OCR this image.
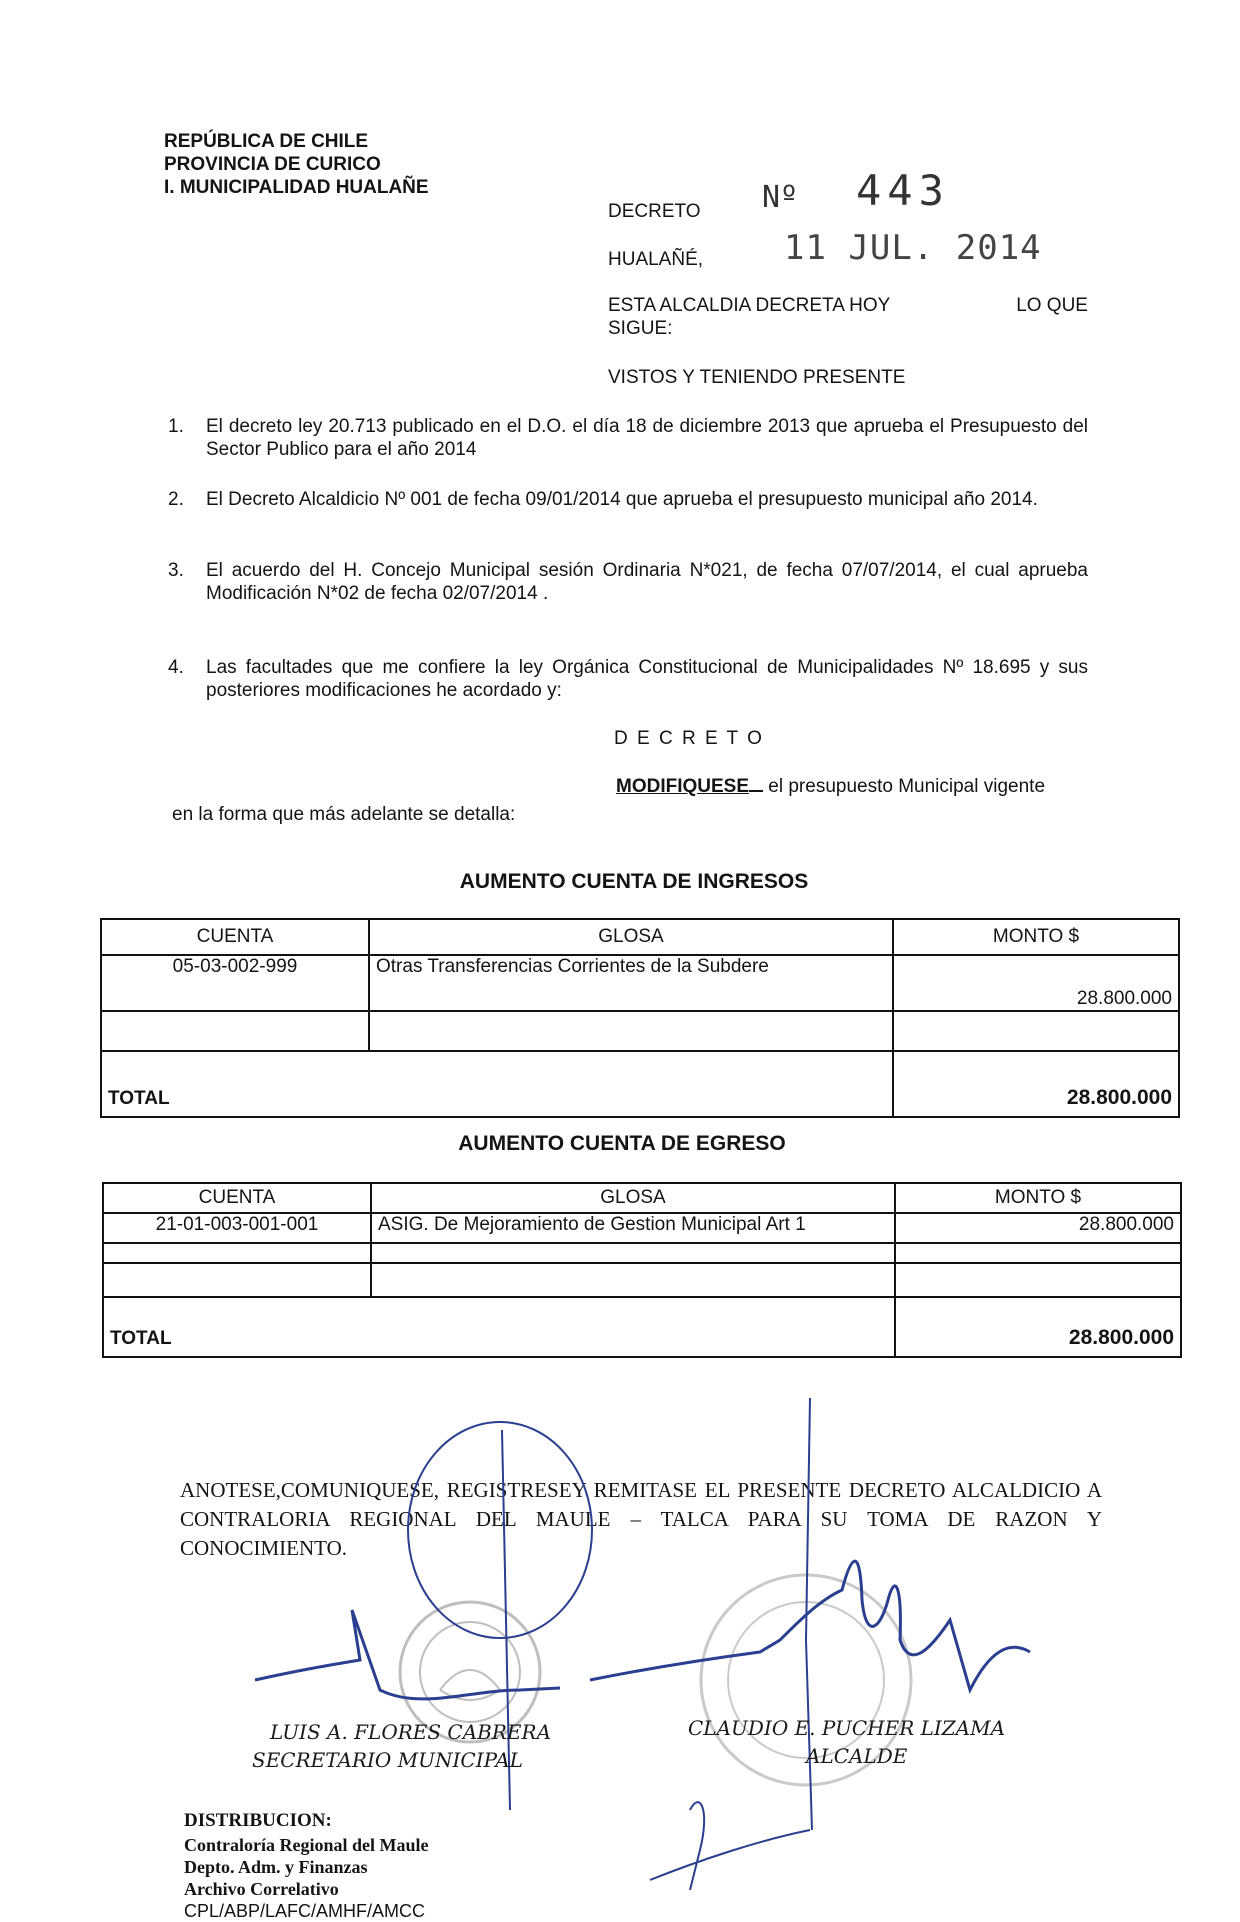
REPÚBLICA DE CHILE
PROVINCIA DE CURICO
I. MUNICIPALIDAD HUALAÑE
DECRETO Nº 443
HUALAÑÉ, 11 JUL. 2014
ESTA ALCALDIA DECRETA HOY	LO QUE
SIGUE:
VISTOS Y TENIENDO PRESENTE
1. El decreto ley 20.713 publicado en el D.O. el día 18 de diciembre 2013 que aprueba el Presupuesto del Sector Publico para el año 2014
2. El Decreto Alcaldicio Nº 001 de fecha 09/01/2014 que aprueba el presupuesto municipal año 2014.
3. El acuerdo del H. Concejo Municipal sesión Ordinaria N*021, de fecha 07/07/2014, el cual aprueba Modificación N*02 de fecha 02/07/2014 .
4. Las facultades que me confiere la ley Orgánica Constitucional de Municipalidades Nº 18.695 y sus posteriores modificaciones he acordado y:
D E C R E T O
MODIFIQUESE el presupuesto Municipal vigente
en la forma que más adelante se detalla:
AUMENTO CUENTA DE INGRESOS
CUENTA	GLOSA	MONTO $
05-03-002-999	Otras Transferencias Corrientes de la Subdere	28.800.000

TOTAL		28.800.000
AUMENTO CUENTA DE EGRESO
CUENTA	GLOSA	MONTO $
21-01-003-001-001	ASIG. De Mejoramiento de Gestion Municipal Art 1	28.800.000

TOTAL		28.800.000
ANOTESE,COMUNIQUESE, REGISTRESEY REMITASE EL PRESENTE DECRETO ALCALDICIO A CONTRALORIA REGIONAL DEL MAULE – TALCA PARA SU TOMA DE RAZON Y CONOCIMIENTO.
LUIS A. FLORES CABRERA
SECRETARIO MUNICIPAL
CLAUDIO E. PUCHER LIZAMA
ALCALDE
DISTRIBUCION:
Contraloría Regional del Maule
Depto. Adm. y Finanzas
Archivo Correlativo
CPL/ABP/LAFC/AMHF/AMCC
